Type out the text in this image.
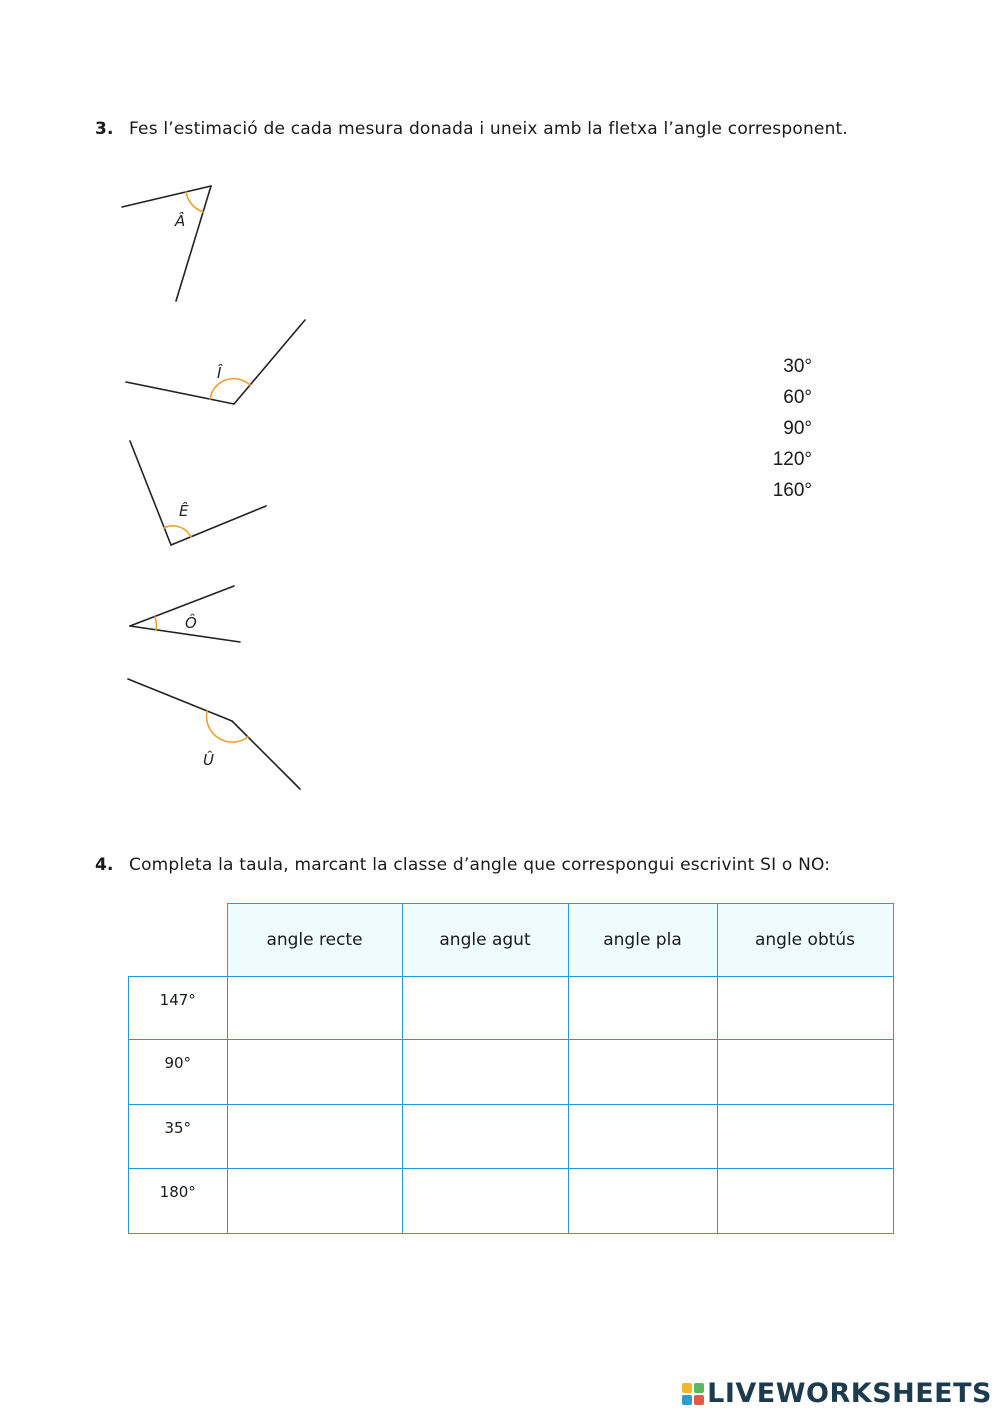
3. Fes l’estimació de cada mesura donada i uneix amb la fletxa l’angle corresponent.
Â
Î
Ê
Ô
Û
30°
60°
90°
120°
160°
4. Completa la taula, marcant la classe d’angle que correspongui escrivint SI o NO:
	angle recte	angle agut	angle pla	angle obtús
147°				
90°				
35°				
180°				
LIVEWORKSHEETS
